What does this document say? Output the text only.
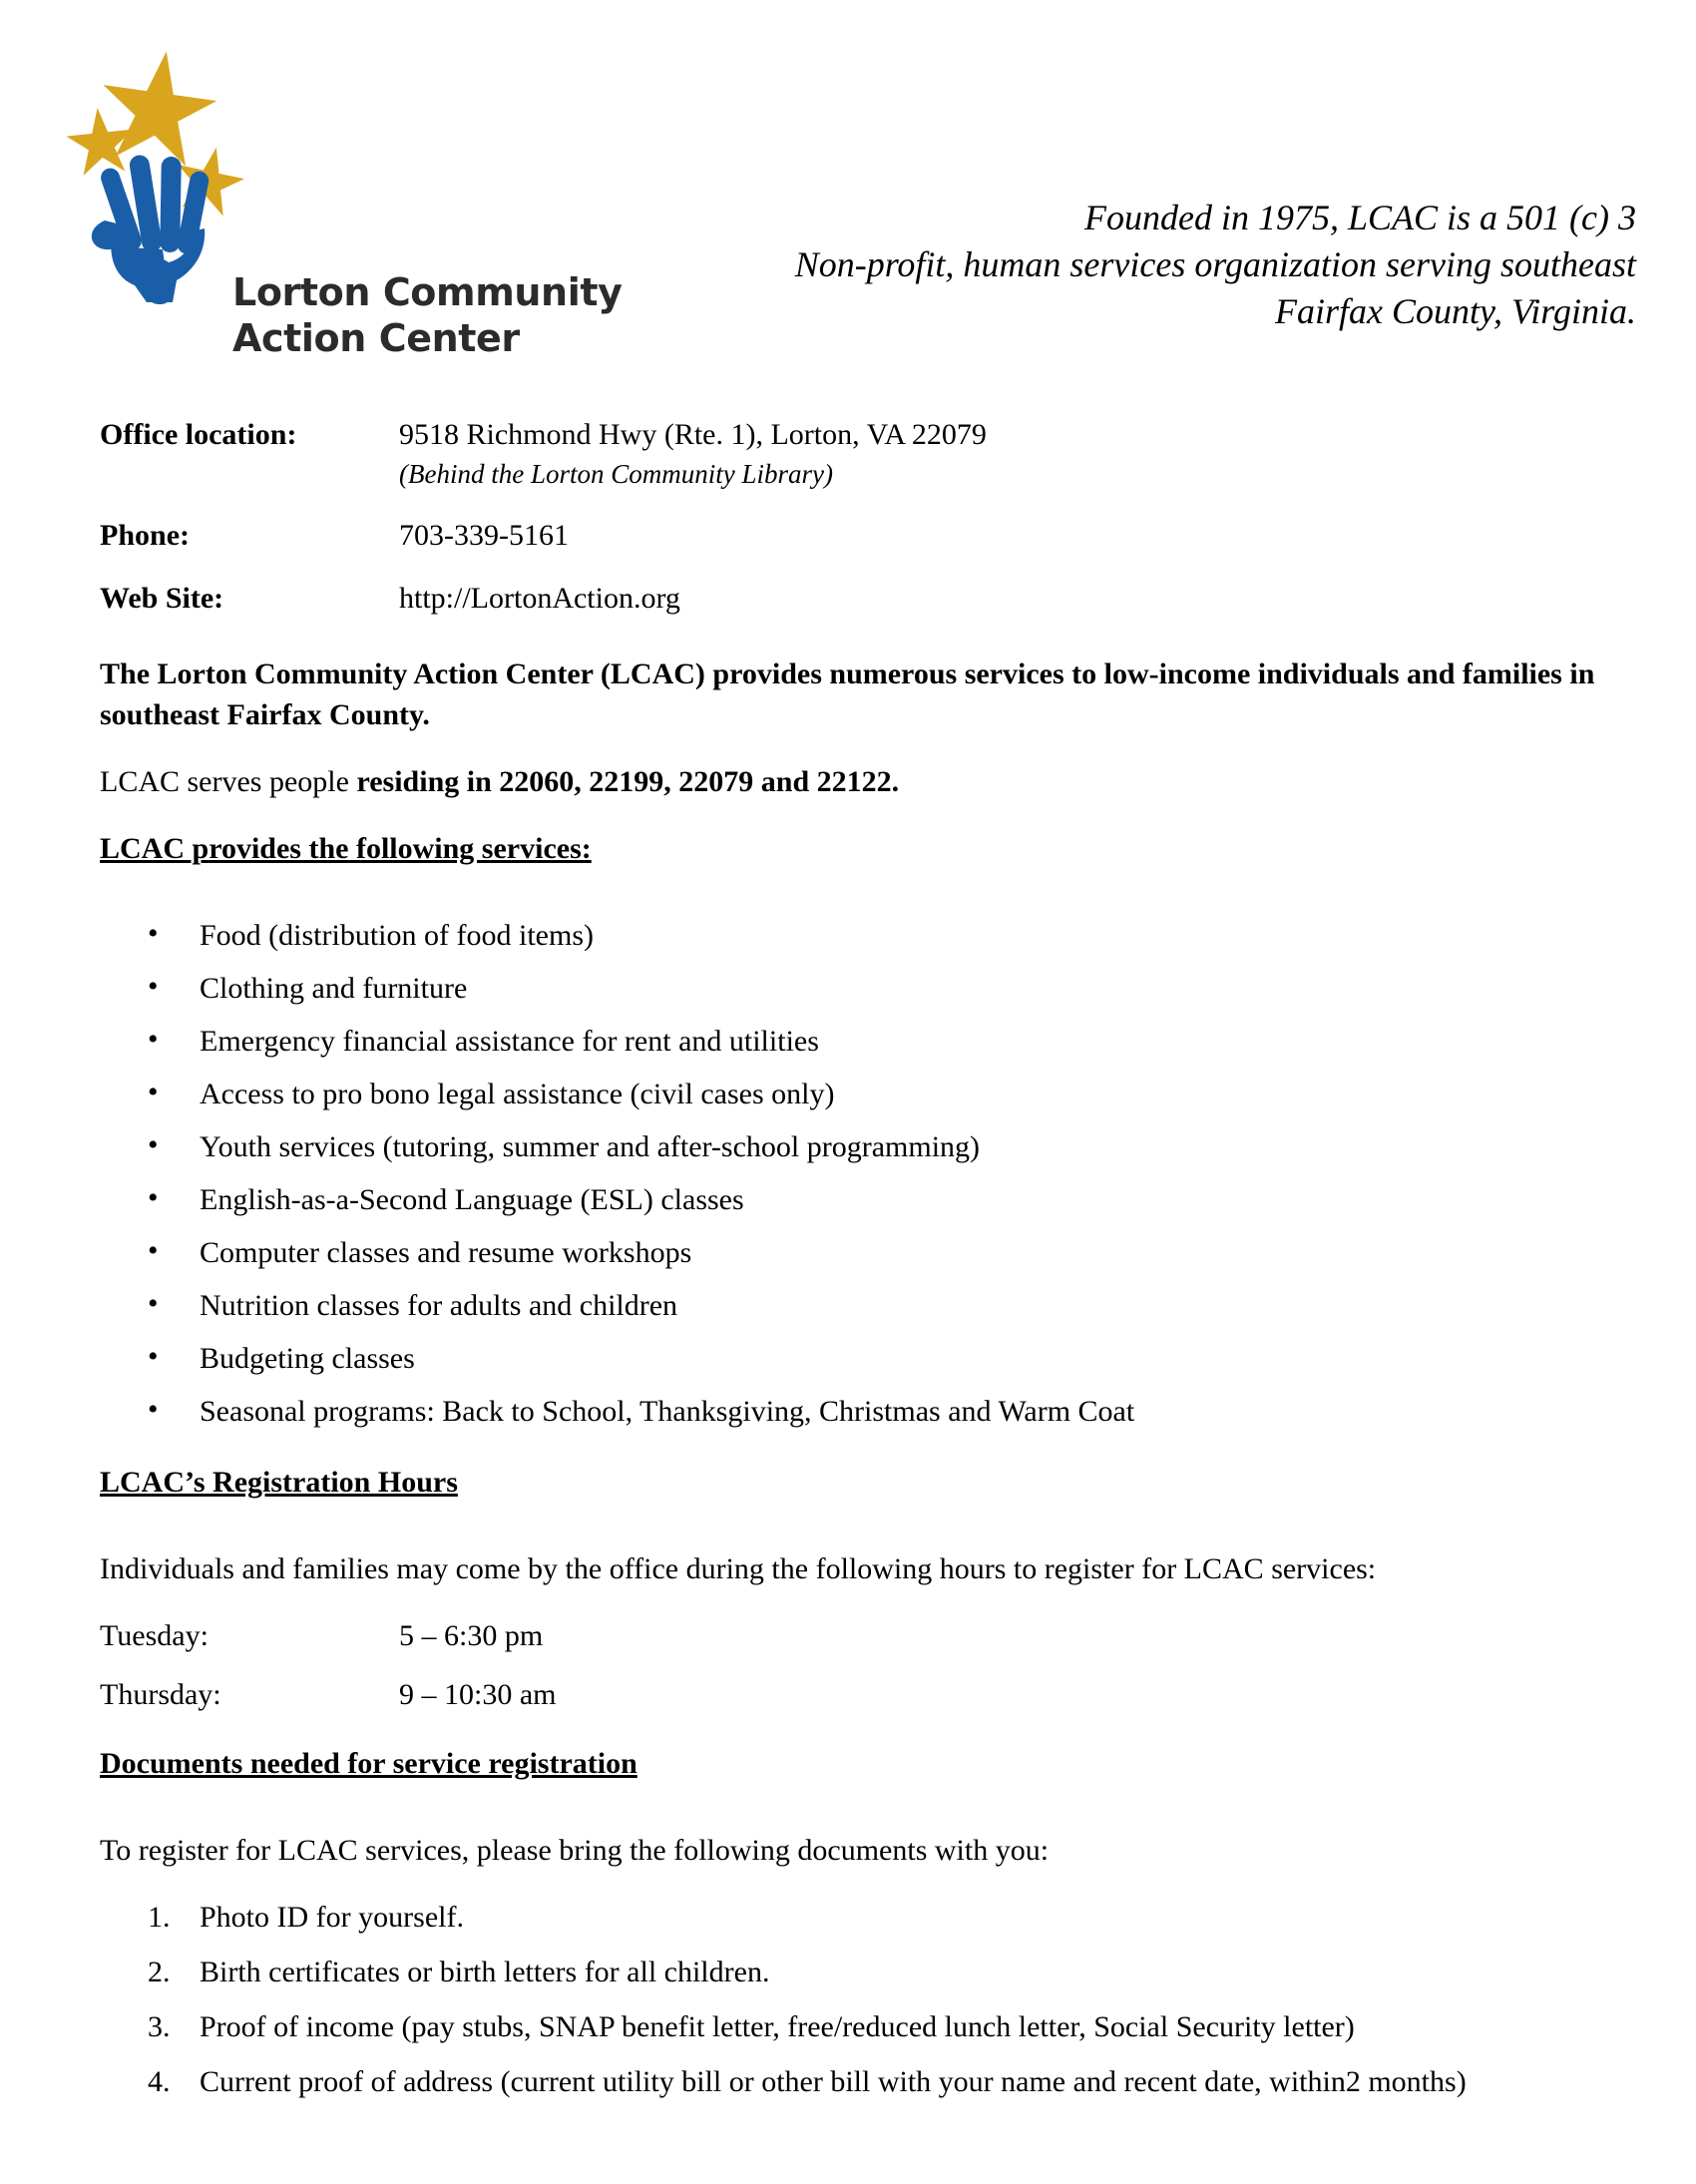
Lorton Community
Action Center
Founded in 1975, LCAC is a 501 (c) 3
Non-profit, human services organization serving southeast
Fairfax County, Virginia.
Office location:	9518 Richmond Hwy (Rte. 1), Lorton, VA 22079
(Behind the Lorton Community Library)
Phone:	703-339-5161
Web Site:	http://LortonAction.org

The Lorton Community Action Center (LCAC) provides numerous services to low-income individuals and families in southeast Fairfax County.

LCAC serves people residing in 22060, 22199, 22079 and 22122.

LCAC provides the following services:
• Food (distribution of food items)
• Clothing and furniture
• Emergency financial assistance for rent and utilities
• Access to pro bono legal assistance (civil cases only)
• Youth services (tutoring, summer and after-school programming)
• English-as-a-Second Language (ESL) classes
• Computer classes and resume workshops
• Nutrition classes for adults and children
• Budgeting classes
• Seasonal programs: Back to School, Thanksgiving, Christmas and Warm Coat
LCAC’s Registration Hours

Individuals and families may come by the office during the following hours to register for LCAC services:

Tuesday:	5 – 6:30 pm
Thursday:	9 – 10:30 am
Documents needed for service registration

To register for LCAC services, please bring the following documents with you:

Photo ID for yourself.
Birth certificates or birth letters for all children.
Proof of income (pay stubs, SNAP benefit letter, free/reduced lunch letter, Social Security letter)
Current proof of address (current utility bill or other bill with your name and recent date, within2 months)
